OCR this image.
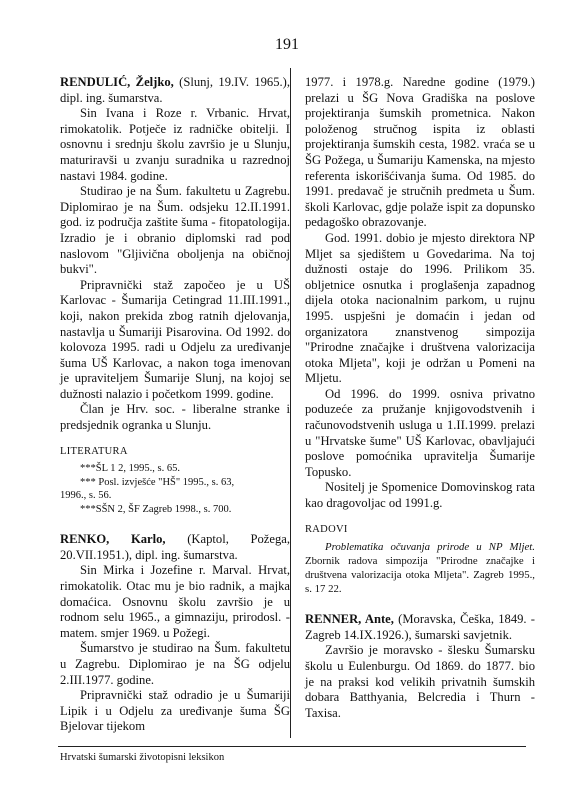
191

RENDULIĆ, Željko, (Slunj, 19.IV. 1965.), dipl. ing. šumarstva.

Sin Ivana i Roze r. Vrbanic. Hrvat, rimokatolik. Potječe iz radničke obitelji. I osnovnu i srednju školu završio je u Slunju, maturiravši u zvanju suradnika u razrednoj nastavi 1984. godine.

Studirao je na Šum. fakultetu u Zagrebu. Diplomirao je na Šum. odsjeku 12.II.1991. god. iz područja zaštite šuma - fitopatologija. Izradio je i obranio diplomski rad pod naslovom "Gljivična oboljenja na običnoj bukvi".

Pripravnički staž započeo je u UŠ Karlovac - Šumarija Cetingrad 11.III.1991., koji, nakon prekida zbog ratnih djelovanja, nastavlja u Šumariji Pisarovina. Od 1992. do kolovoza 1995. radi u Odjelu za uređivanje šuma UŠ Karlovac, a nakon toga imenovan je upraviteljem Šumarije Slunj, na kojoj se dužnosti nalazio i početkom 1999. godine.

Član je Hrv. soc. - liberalne stranke i predsjednik ogranka u Slunju.

LITERATURA

***ŠL 1 2, 1995., s. 65.

*** Posl. izvješće "HŠ" 1995., s. 63,

1996., s. 56.

***SŠN 2, ŠF Zagreb 1998., s. 700.

RENKO, Karlo, (Kaptol, Požega, 20.VII.1951.), dipl. ing. šumarstva.

Sin Mirka i Jozefine r. Marval. Hrvat, rimokatolik. Otac mu je bio radnik, a majka domaćica. Osnovnu školu završio je u rodnom selu 1965., a gimnaziju, prirodosl. - matem. smjer 1969. u Požegi.

Šumarstvo je studirao na Šum. fakultetu u Zagrebu. Diplomirao je na ŠG odjelu 2.III.1977. godine.

Pripravnički staž odradio je u Šumariji Lipik i u Odjelu za uređivanje šuma ŠG Bjelovar tijekom

1977. i 1978.g. Naredne godine (1979.) prelazi u ŠG Nova Gradiška na poslove projektiranja šumskih prometnica. Nakon položenog stručnog ispita iz oblasti projektiranja šumskih cesta, 1982. vraća se u ŠG Požega, u Šumariju Kamenska, na mjesto referenta iskorišćivanja šuma. Od 1985. do 1991. predavač je stručnih predmeta u Šum. školi Karlovac, gdje polaže ispit za dopunsko pedagoško obrazovanje.

God. 1991. dobio je mjesto direktora NP Mljet sa sjedištem u Govedarima. Na toj dužnosti ostaje do 1996. Prilikom 35. obljetnice osnutka i proglašenja zapadnog dijela otoka nacionalnim parkom, u rujnu 1995. uspješni je domaćin i jedan od organizatora znanstvenog simpozija "Prirodne značajke i društvena valorizacija otoka Mljeta", koji je održan u Pomeni na Mljetu.

Od 1996. do 1999. osniva privatno poduzeće za pružanje knjigovodstvenih i računovodstvenih usluga u 1.II.1999. prelazi u "Hrvatske šume" UŠ Karlovac, obavljajući poslove pomoćnika upravitelja Šumarije Topusko.

Nositelj je Spomenice Domovinskog rata kao dragovoljac od 1991.g.

RADOVI

Problematika očuvanja prirode u NP Mljet. Zbornik radova simpozija "Prirodne značajke i društvena valorizacija otoka Mljeta". Zagreb 1995., s. 17 22.

RENNER, Ante, (Moravska, Češka, 1849. - Zagreb 14.IX.1926.), šumarski savjetnik.

Završio je moravsko - šlesku Šumarsku školu u Eulenburgu. Od 1869. do 1877. bio je na praksi kod velikih privatnih šumskih dobara Batthyania, Belcredia i Thurn - Taxisa.

Hrvatski šumarski životopisni leksikon
